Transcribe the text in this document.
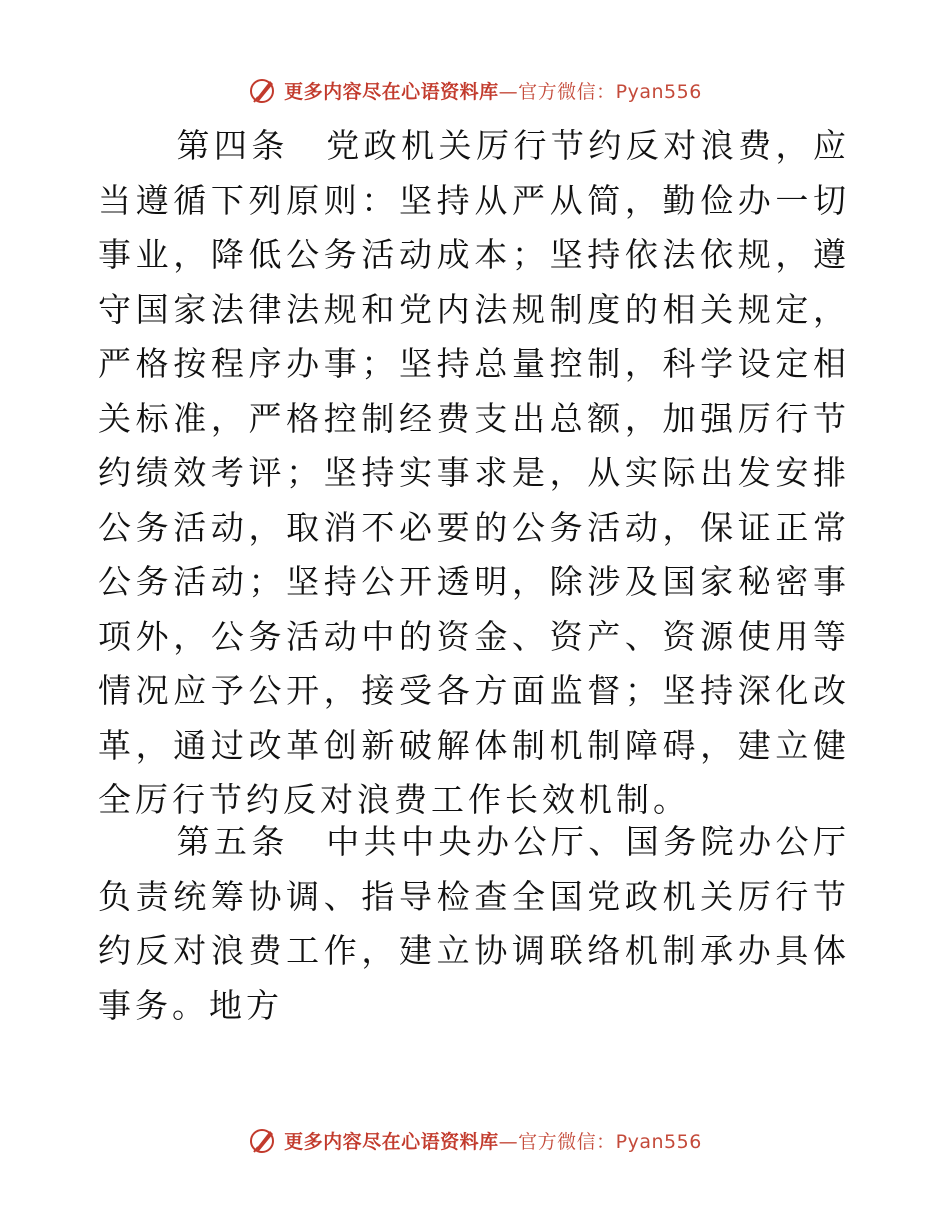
更多内容尽在心语资料库—官方微信：Pyan556

第四条　党政机关厉行节约反对浪费，应当遵循下列原则：坚持从严从简，勤俭办一切事业，降低公务活动成本；坚持依法依规，遵守国家法律法规和党内法规制度的相关规定，严格按程序办事；坚持总量控制，科学设定相关标准，严格控制经费支出总额，加强厉行节约绩效考评；坚持实事求是，从实际出发安排公务活动，取消不必要的公务活动，保证正常公务活动；坚持公开透明，除涉及国家秘密事项外，公务活动中的资金、资产、资源使用等情况应予公开，接受各方面监督；坚持深化改革，通过改革创新破解体制机制障碍，建立健全厉行节约反对浪费工作长效机制。

第五条　中共中央办公厅、国务院办公厅负责统筹协调、指导检查全国党政机关厉行节约反对浪费工作，建立协调联络机制承办具体事务。地方

更多内容尽在心语资料库—官方微信：Pyan556
